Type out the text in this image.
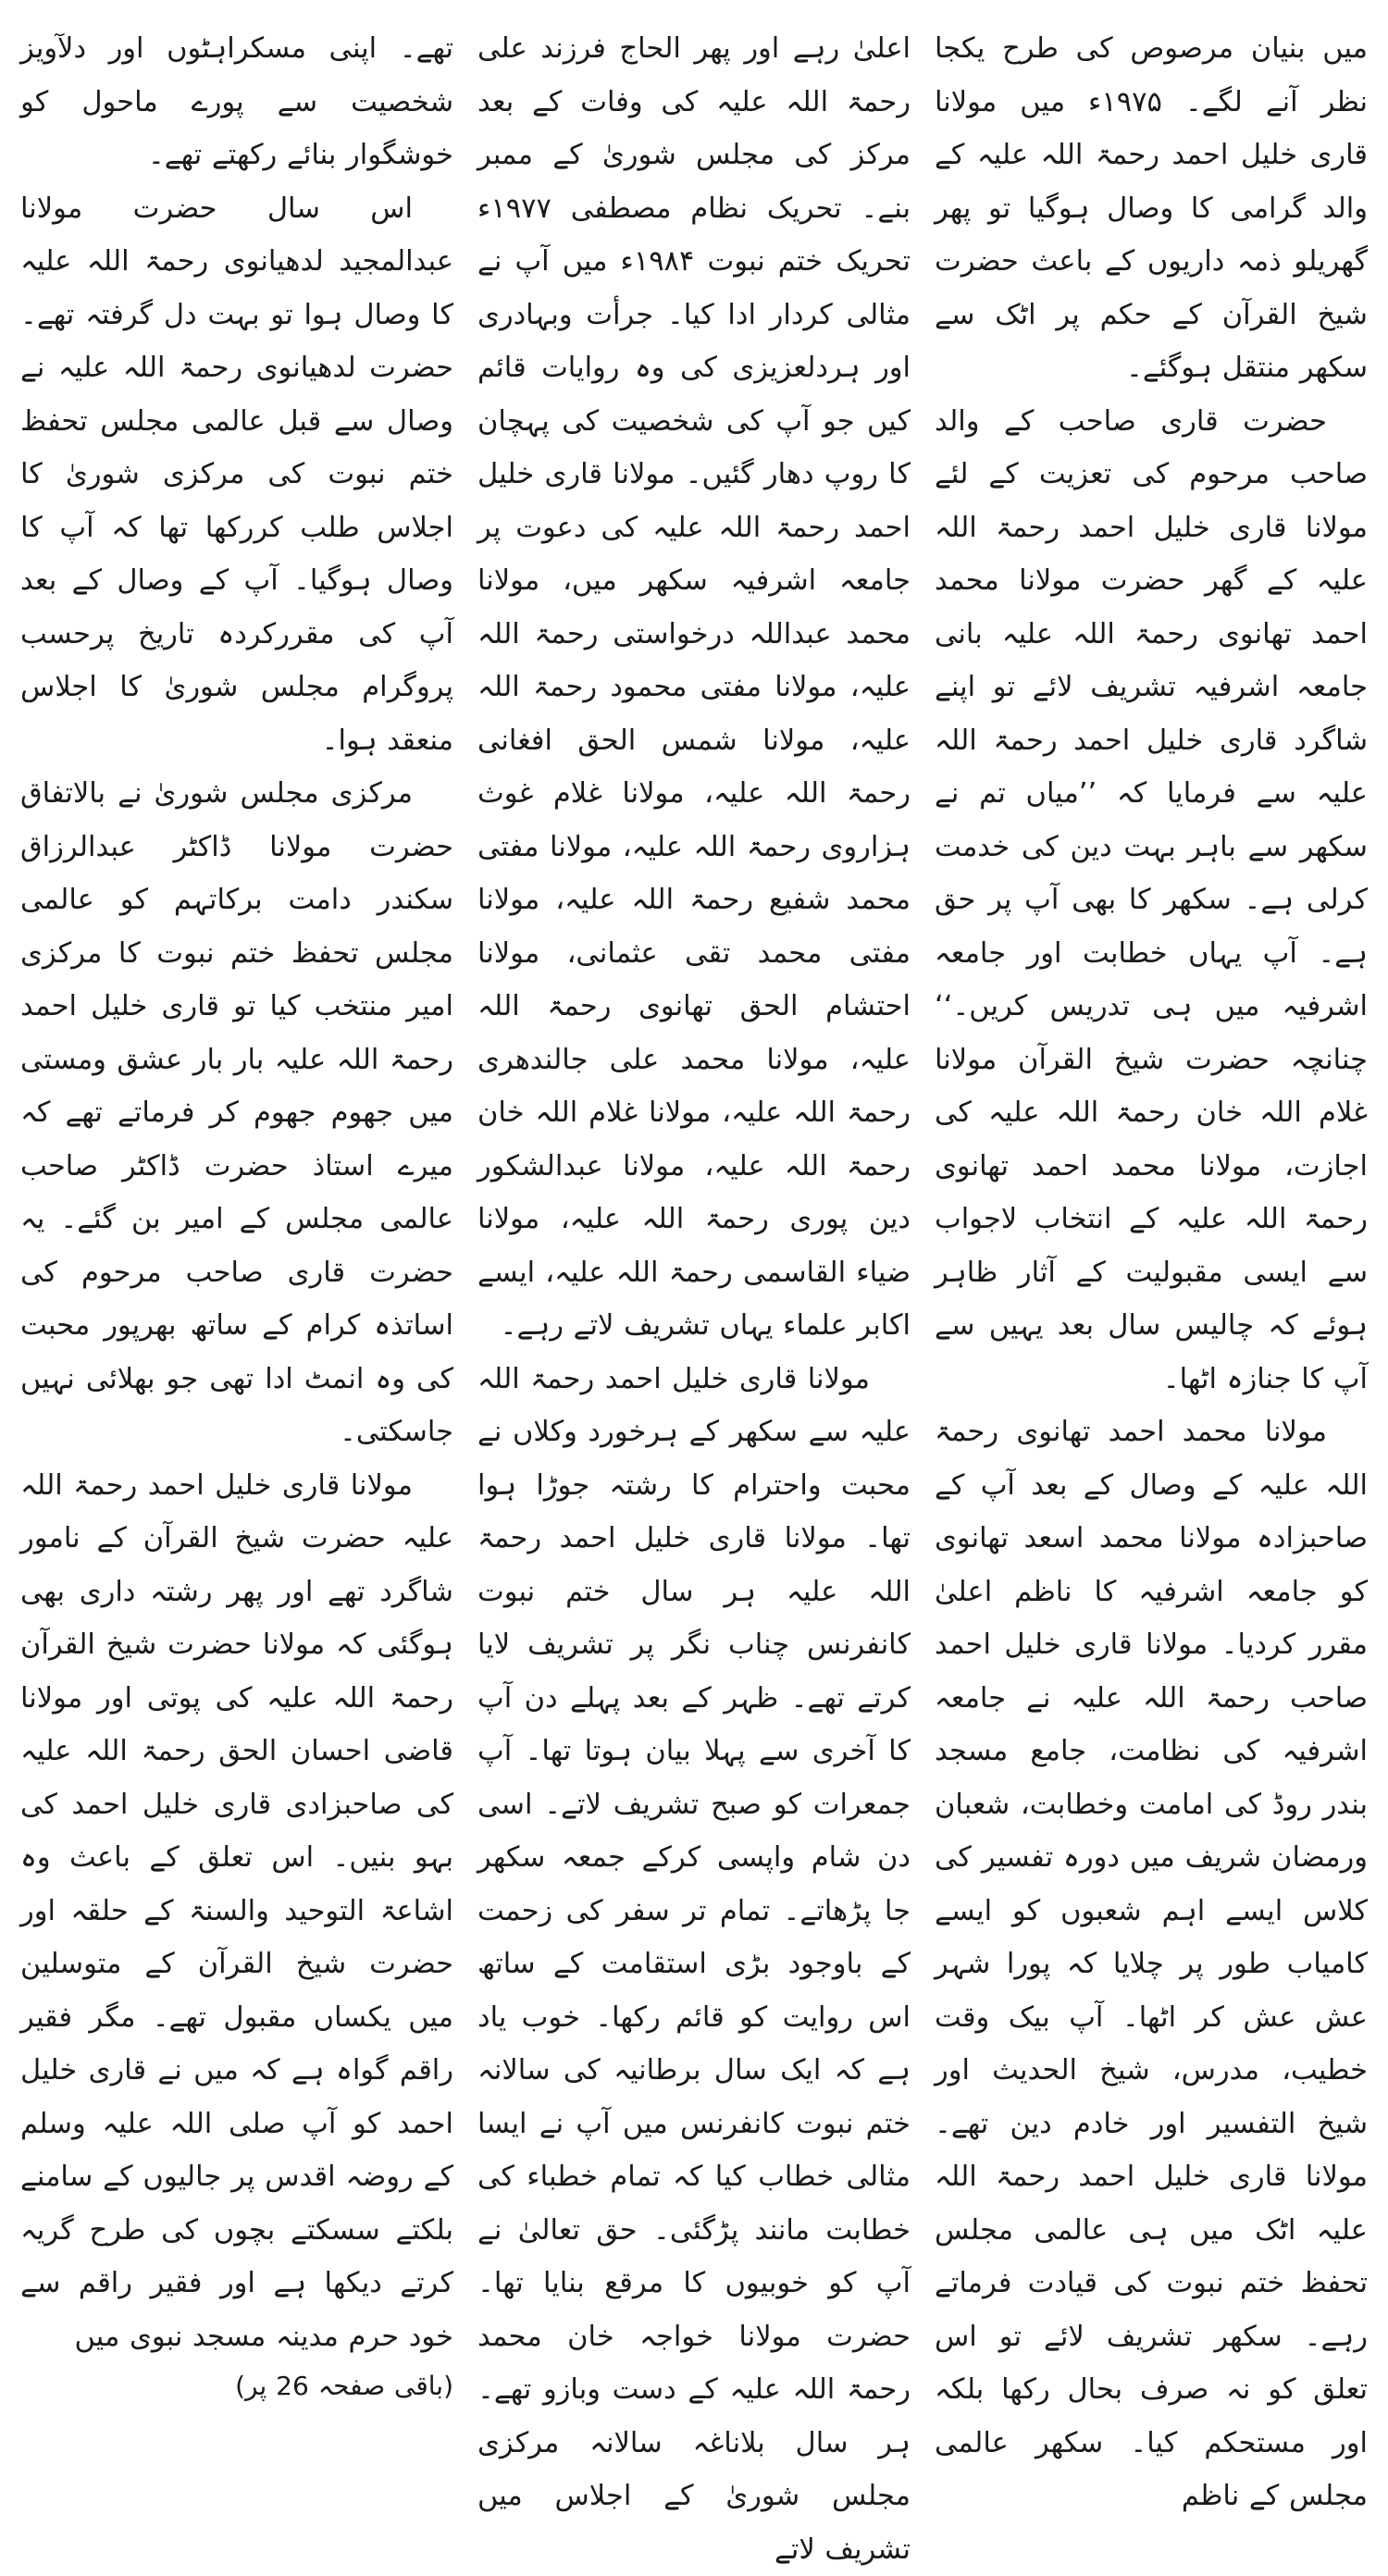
میں بنیان مرصوص کی طرح یکجا نظر آنے لگے۔ ۱۹۷۵ء میں مولانا قاری خلیل احمد رحمۃ اللہ علیہ کے والد گرامی کا وصال ہوگیا تو پھر گھریلو ذمہ داریوں کے باعث حضرت شیخ القرآن کے حکم پر اٹک سے سکھر منتقل ہوگئے۔

حضرت قاری صاحب کے والد صاحب مرحوم کی تعزیت کے لئے مولانا قاری خلیل احمد رحمۃ اللہ علیہ کے گھر حضرت مولانا محمد احمد تھانوی رحمۃ اللہ علیہ بانی جامعہ اشرفیہ تشریف لائے تو اپنے شاگرد قاری خلیل احمد رحمۃ اللہ علیہ سے فرمایا کہ ’’میاں تم نے سکھر سے باہر بہت دین کی خدمت کرلی ہے۔ سکھر کا بھی آپ پر حق ہے۔ آپ یہاں خطابت اور جامعہ اشرفیہ میں ہی تدریس کریں۔‘‘ چنانچہ حضرت شیخ القرآن مولانا غلام اللہ خان رحمۃ اللہ علیہ کی اجازت، مولانا محمد احمد تھانوی رحمۃ اللہ علیہ کے انتخاب لاجواب سے ایسی مقبولیت کے آثار ظاہر ہوئے کہ چالیس سال بعد یہیں سے آپ کا جنازہ اٹھا۔

مولانا محمد احمد تھانوی رحمۃ اللہ علیہ کے وصال کے بعد آپ کے صاحبزادہ مولانا محمد اسعد تھانوی کو جامعہ اشرفیہ کا ناظم اعلیٰ مقرر کردیا۔ مولانا قاری خلیل احمد صاحب رحمۃ اللہ علیہ نے جامعہ اشرفیہ کی نظامت، جامع مسجد بندر روڈ کی امامت وخطابت، شعبان ورمضان شریف میں دورہ تفسیر کی کلاس ایسے اہم شعبوں کو ایسے کامیاب طور پر چلایا کہ پورا شہر عش عش کر اٹھا۔ آپ بیک وقت خطیب، مدرس، شیخ الحدیث اور شیخ التفسیر اور خادم دین تھے۔ مولانا قاری خلیل احمد رحمۃ اللہ علیہ اٹک میں ہی عالمی مجلس تحفظ ختم نبوت کی قیادت فرماتے رہے۔ سکھر تشریف لائے تو اس تعلق کو نہ صرف بحال رکھا بلکہ اور مستحکم کیا۔ سکھر عالمی مجلس کے ناظم

اعلیٰ رہے اور پھر الحاج فرزند علی رحمۃ اللہ علیہ کی وفات کے بعد مرکز کی مجلس شوریٰ کے ممبر بنے۔ تحریک نظام مصطفی ۱۹۷۷ء تحریک ختم نبوت ۱۹۸۴ء میں آپ نے مثالی کردار ادا کیا۔ جرأت وبہادری اور ہردلعزیزی کی وہ روایات قائم کیں جو آپ کی شخصیت کی پہچان کا روپ دھار گئیں۔ مولانا قاری خلیل احمد رحمۃ اللہ علیہ کی دعوت پر جامعہ اشرفیہ سکھر میں، مولانا محمد عبداللہ درخواستی رحمۃ اللہ علیہ، مولانا مفتی محمود رحمۃ اللہ علیہ، مولانا شمس الحق افغانی رحمۃ اللہ علیہ، مولانا غلام غوث ہزاروی رحمۃ اللہ علیہ، مولانا مفتی محمد شفیع رحمۃ اللہ علیہ، مولانا مفتی محمد تقی عثمانی، مولانا احتشام الحق تھانوی رحمۃ اللہ علیہ، مولانا محمد علی جالندھری رحمۃ اللہ علیہ، مولانا غلام اللہ خان رحمۃ اللہ علیہ، مولانا عبدالشکور دین پوری رحمۃ اللہ علیہ، مولانا ضیاء القاسمی رحمۃ اللہ علیہ، ایسے اکابر علماء یہاں تشریف لاتے رہے۔

مولانا قاری خلیل احمد رحمۃ اللہ علیہ سے سکھر کے ہرخورد وکلاں نے محبت واحترام کا رشتہ جوڑا ہوا تھا۔ مولانا قاری خلیل احمد رحمۃ اللہ علیہ ہر سال ختم نبوت کانفرنس چناب نگر پر تشریف لایا کرتے تھے۔ ظہر کے بعد پہلے دن آپ کا آخری سے پہلا بیان ہوتا تھا۔ آپ جمعرات کو صبح تشریف لاتے۔ اسی دن شام واپسی کرکے جمعہ سکھر جا پڑھاتے۔ تمام تر سفر کی زحمت کے باوجود بڑی استقامت کے ساتھ اس روایت کو قائم رکھا۔ خوب یاد ہے کہ ایک سال برطانیہ کی سالانہ ختم نبوت کانفرنس میں آپ نے ایسا مثالی خطاب کیا کہ تمام خطباء کی خطابت مانند پڑگئی۔ حق تعالیٰ نے آپ کو خوبیوں کا مرقع بنایا تھا۔ حضرت مولانا خواجہ خان محمد رحمۃ اللہ علیہ کے دست وبازو تھے۔ ہر سال بلاناغہ سالانہ مرکزی مجلس شوریٰ کے اجلاس میں تشریف لاتے

تھے۔ اپنی مسکراہٹوں اور دلآویز شخصیت سے پورے ماحول کو خوشگوار بنائے رکھتے تھے۔

اس سال حضرت مولانا عبدالمجید لدھیانوی رحمۃ اللہ علیہ کا وصال ہوا تو بہت دل گرفتہ تھے۔ حضرت لدھیانوی رحمۃ اللہ علیہ نے وصال سے قبل عالمی مجلس تحفظ ختم نبوت کی مرکزی شوریٰ کا اجلاس طلب کررکھا تھا کہ آپ کا وصال ہوگیا۔ آپ کے وصال کے بعد آپ کی مقررکردہ تاریخ پرحسب پروگرام مجلس شوریٰ کا اجلاس منعقد ہوا۔

مرکزی مجلس شوریٰ نے بالاتفاق حضرت مولانا ڈاکٹر عبدالرزاق سکندر دامت برکاتہم کو عالمی مجلس تحفظ ختم نبوت کا مرکزی امیر منتخب کیا تو قاری خلیل احمد رحمۃ اللہ علیہ بار بار عشق ومستی میں جھوم جھوم کر فرماتے تھے کہ میرے استاذ حضرت ڈاکٹر صاحب عالمی مجلس کے امیر بن گئے۔ یہ حضرت قاری صاحب مرحوم کی اساتذہ کرام کے ساتھ بھرپور محبت کی وہ انمٹ ادا تھی جو بھلائی نہیں جاسکتی۔

مولانا قاری خلیل احمد رحمۃ اللہ علیہ حضرت شیخ القرآن کے نامور شاگرد تھے اور پھر رشتہ داری بھی ہوگئی کہ مولانا حضرت شیخ القرآن رحمۃ اللہ علیہ کی پوتی اور مولانا قاضی احسان الحق رحمۃ اللہ علیہ کی صاحبزادی قاری خلیل احمد کی بہو بنیں۔ اس تعلق کے باعث وہ اشاعۃ التوحید والسنۃ کے حلقہ اور حضرت شیخ القرآن کے متوسلین میں یکساں مقبول تھے۔ مگر فقیر راقم گواہ ہے کہ میں نے قاری خلیل احمد کو آپ صلی اللہ علیہ وسلم کے روضہ اقدس پر جالیوں کے سامنے بلکتے سسکتے بچوں کی طرح گریہ کرتے دیکھا ہے اور فقیر راقم سے خود حرم مدینہ مسجد نبوی میں

(باقی صفحہ 26 پر)
